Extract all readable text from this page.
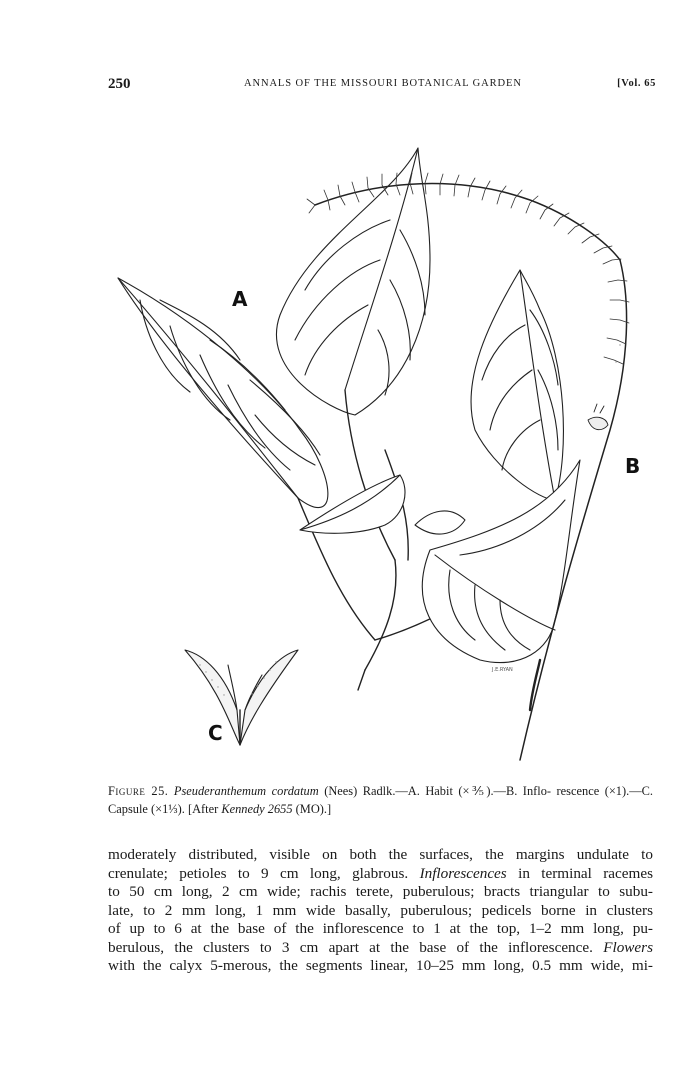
250	ANNALS OF THE MISSOURI BOTANICAL GARDEN	[Vol. 65
A
B
C
J.E.RYAN
Figure 25. Pseuderanthemum cordatum (Nees) Radlk.—A. Habit (×⅗).—B. Inflo- rescence (×1).—C. Capsule (×1⅓). [After Kennedy 2655 (MO).]
moderately distributed, visible on both the surfaces, the margins undulate to
crenulate; petioles to 9 cm long, glabrous. Inflorescences in terminal racemes
to 50 cm long, 2 cm wide; rachis terete, puberulous; bracts triangular to subu-
late, to 2 mm long, 1 mm wide basally, puberulous; pedicels borne in clusters
of up to 6 at the base of the inflorescence to 1 at the top, 1–2 mm long, pu-
berulous, the clusters to 3 cm apart at the base of the inflorescence. Flowers
with the calyx 5-merous, the segments linear, 10–25 mm long, 0.5 mm wide, mi-
